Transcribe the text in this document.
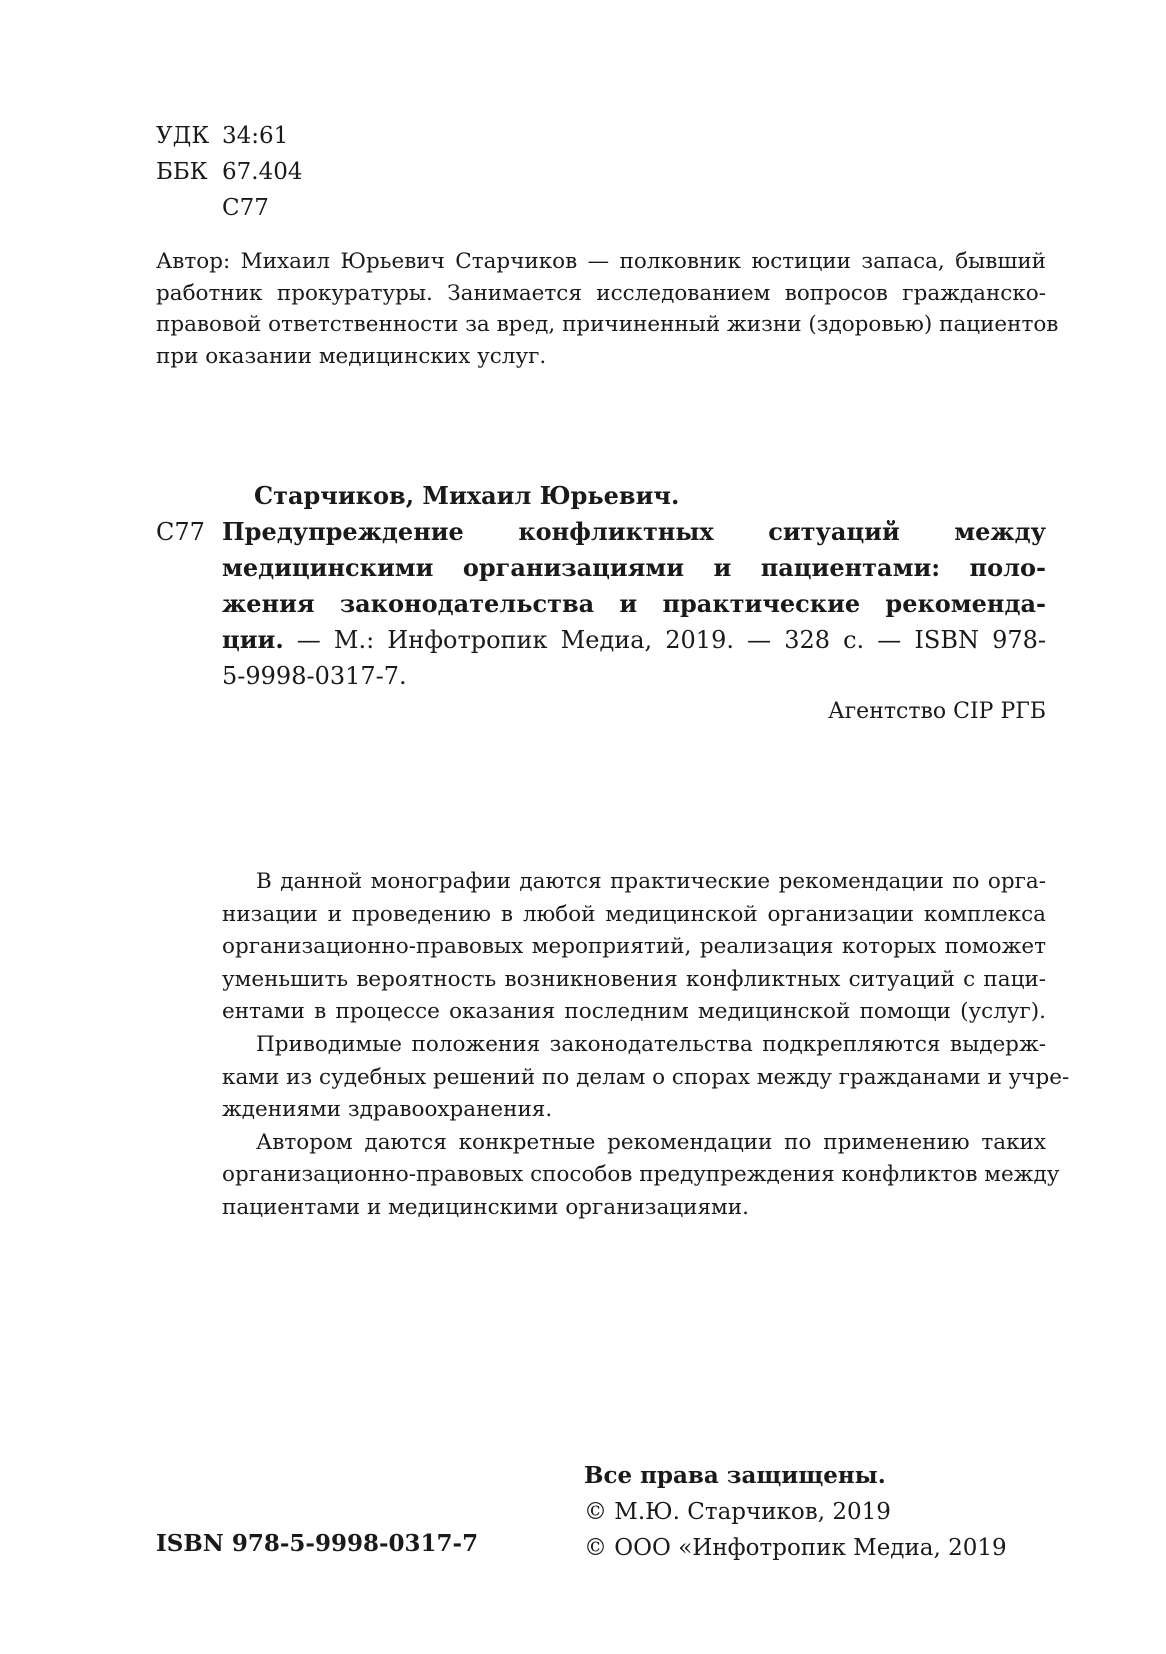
УДК 34:61
ББК 67.404
С77
Автор: Михаил Юрьевич Старчиков — полковник юстиции запаса, бывший
работник прокуратуры. Занимается исследованием вопросов гражданско-
правовой ответственности за вред, причиненный жизни (здоровью) пациентов
при оказании медицинских услуг.
Старчиков, Михаил Юрьевич.
С77 Предупреждение конфликтных ситуаций между
медицинскими организациями и пациентами: поло-
жения законодательства и практические рекоменда-
ции. — М.: Инфотропик Медиа, 2019. — 328 с. — ISBN 978-
5-9998-0317-7.
Агентство CIP РГБ
В данной монографии даются практические рекомендации по орга-
низации и проведению в любой медицинской организации комплекса
организационно-правовых мероприятий, реализация которых поможет
уменьшить вероятность возникновения конфликтных ситуаций с паци-
ентами в процессе оказания последним медицинской помощи (услуг).
Приводимые положения законодательства подкрепляются выдерж-
ками из судебных решений по делам о спорах между гражданами и учре-
ждениями здравоохранения.
Автором даются конкретные рекомендации по применению таких
организационно-правовых способов предупреждения конфликтов между
пациентами и медицинскими организациями.
Все права защищены.
© М.Ю. Старчиков, 2019
© ООО «Инфотропик Медиа, 2019
ISBN 978-5-9998-0317-7
